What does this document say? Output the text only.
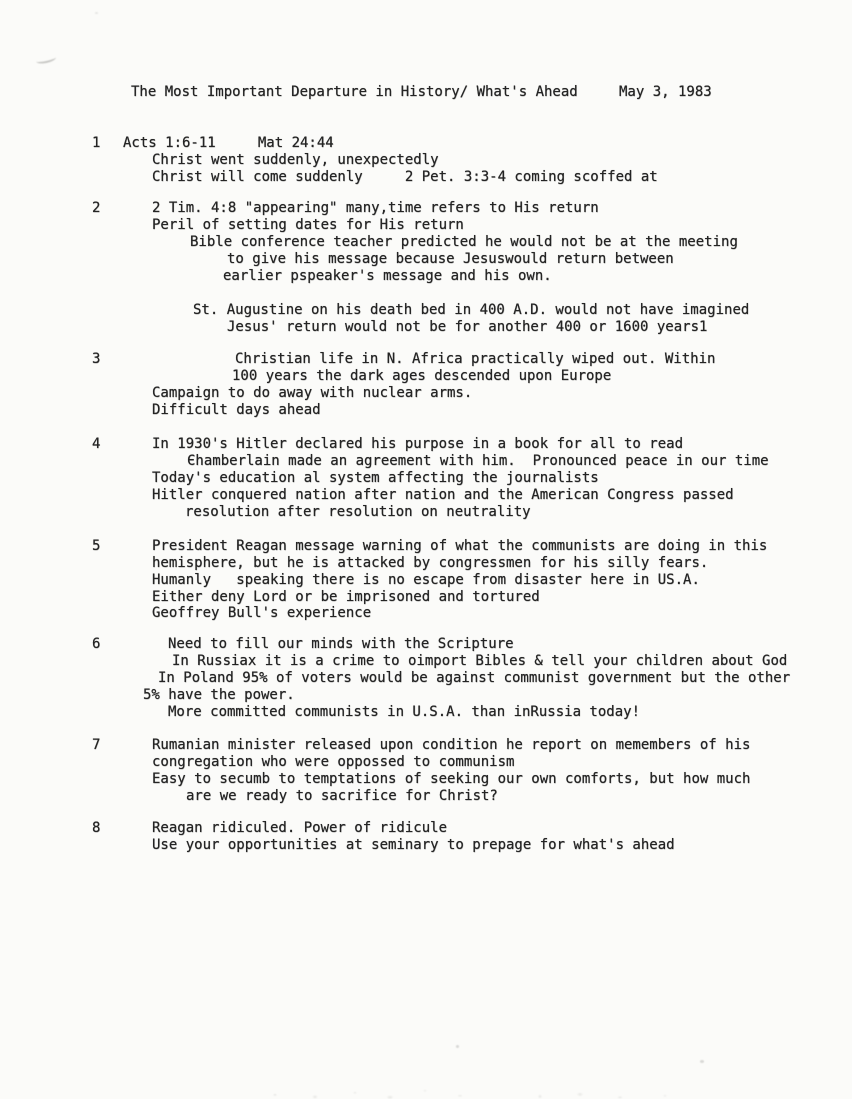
The Most Important Departure in History/ What's Ahead	May 3, 1983
1 Acts 1:6-11     Mat 24:44
Christ went suddenly, unexpectedly
Christ will come suddenly     2 Pet. 3:3-4 coming scoffed at
2	2 Tim. 4:8 "appearing" many,time refers to His return
Peril of setting dates for His return
Bible conference teacher predicted he would not be at the meeting
to give his message because Jesuswould return between
earlier pspeaker's message and his own.
St. Augustine on his death bed in 400 A.D. would not have imagined
Jesus' return would not be for another 400 or 1600 years1
3	Christian life in N. Africa practically wiped out. Within
100 years the dark ages descended upon Europe
Campaign to do away with nuclear arms.
Difficult days ahead
4	In 1930's Hitler declared his purpose in a book for all to read
Єhamberlain made an agreement with him.  Pronounced peace in our time
Today's education al system affecting the journalists
Hitler conquered nation after nation and the American Congress passed
resolution after resolution on neutrality
5	President Reagan message warning of what the communists are doing in this
hemisphere, but he is attacked by congressmen for his silly fears.
Humanly   speaking there is no escape from disaster here in US.A.
Either deny Lord or be imprisoned and tortured
Geoffrey Bull's experience
6	Need to fill our minds with the Scripture
In Russiax it is a crime to oimport Bibles & tell your children about God
In Poland 95% of voters would be against communist government but the other
5% have the power.
More committed communists in U.S.A. than inRussia today!
7	Rumanian minister released upon condition he report on memembers of his
congregation who were oppossed to communism
Easy to secumb to temptations of seeking our own comforts, but how much
are we ready to sacrifice for Christ?
8	Reagan ridiculed. Power of ridicule
Use your opportunities at seminary to prepage for what's ahead
